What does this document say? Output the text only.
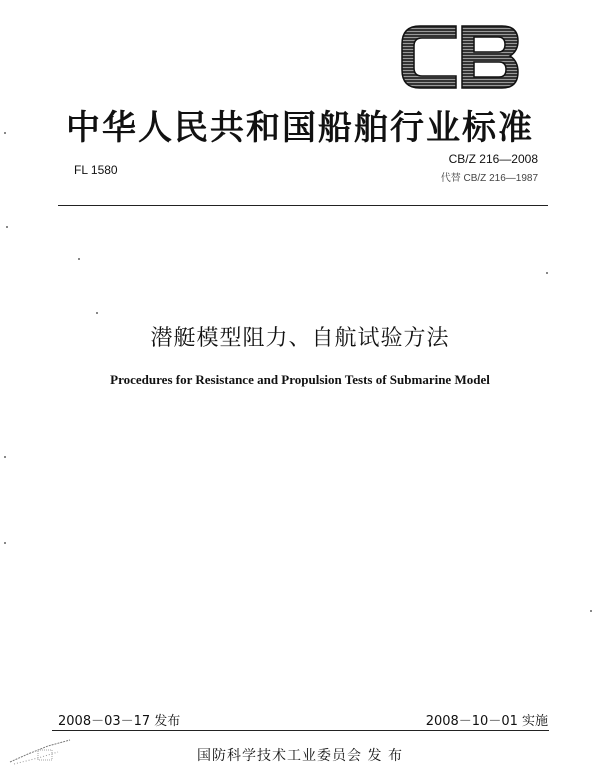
中华人民共和国船舶行业标准
FL 1580
CB/Z 216—2008
代替 CB/Z 216—1987
潜艇模型阻力、自航试验方法
Procedures for Resistance and Propulsion Tests of Submarine Model
2008－03－17 发布	2008－10－01 实施
国防科学技术工业委员会 发 布
